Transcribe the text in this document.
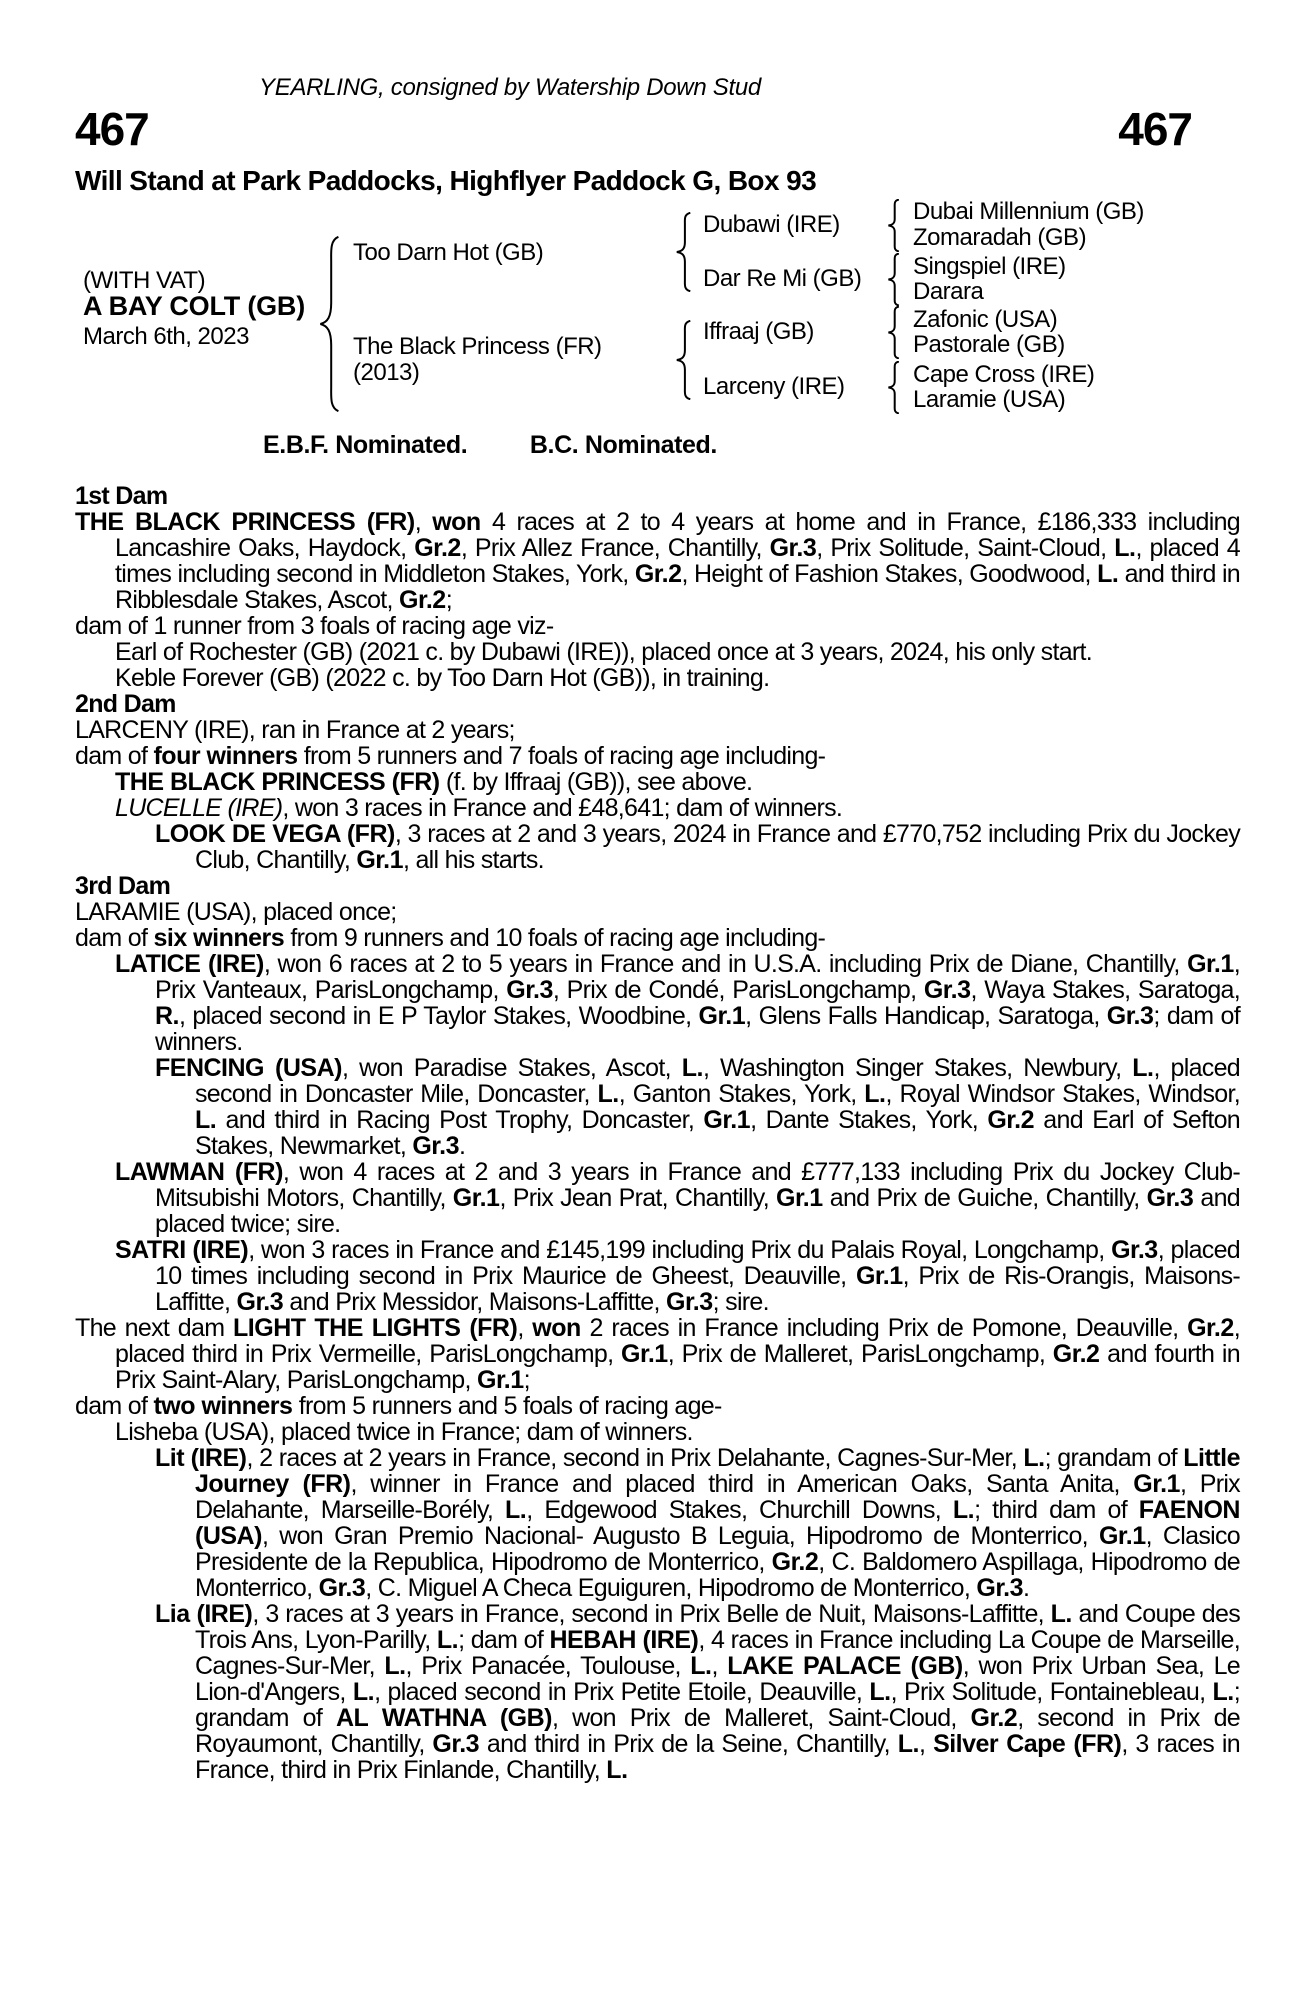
YEARLING, consigned by Watership Down Stud
467	467
Will Stand at Park Paddocks, Highflyer Paddock G, Box 93
(WITH VAT)
A BAY COLT (GB)
March 6th, 2023
Too Darn Hot (GB)
The Black Princess (FR)
(2013)
Dubawi (IRE)
Dar Re Mi (GB)
Iffraaj (GB)
Larceny (IRE)
Dubai Millennium (GB)
Zomaradah (GB)
Singspiel (IRE)
Darara
Zafonic (USA)
Pastorale (GB)
Cape Cross (IRE)
Laramie (USA)
E.B.F. Nominated.	B.C. Nominated.

1st Dam

THE BLACK PRINCESS (FR), won 4 races at 2 to 4 years at home and in France, £186,333 including Lancashire Oaks, Haydock, Gr.2, Prix Allez France, Chantilly, Gr.3, Prix Solitude, Saint-Cloud, L., placed 4 times including second in Middleton Stakes, York, Gr.2, Height of Fashion Stakes, Goodwood, L. and third in Ribblesdale Stakes, Ascot, Gr.2;

dam of 1 runner from 3 foals of racing age viz-

Earl of Rochester (GB) (2021 c. by Dubawi (IRE)), placed once at 3 years, 2024, his only start.

Keble Forever (GB) (2022 c. by Too Darn Hot (GB)), in training.

2nd Dam

LARCENY (IRE), ran in France at 2 years;

dam of four winners from 5 runners and 7 foals of racing age including-

THE BLACK PRINCESS (FR) (f. by Iffraaj (GB)), see above.

LUCELLE (IRE), won 3 races in France and £48,641; dam of winners.

LOOK DE VEGA (FR), 3 races at 2 and 3 years, 2024 in France and £770,752 including Prix du Jockey Club, Chantilly, Gr.1, all his starts.

3rd Dam

LARAMIE (USA), placed once;

dam of six winners from 9 runners and 10 foals of racing age including-

LATICE (IRE), won 6 races at 2 to 5 years in France and in U.S.A. including Prix de Diane, Chantilly, Gr.1, Prix Vanteaux, ParisLongchamp, Gr.3, Prix de Condé, ParisLongchamp, Gr.3, Waya Stakes, Saratoga, R., placed second in E P Taylor Stakes, Woodbine, Gr.1, Glens Falls Handicap, Saratoga, Gr.3; dam of winners.

FENCING (USA), won Paradise Stakes, Ascot, L., Washington Singer Stakes, Newbury, L., placed second in Doncaster Mile, Doncaster, L., Ganton Stakes, York, L., Royal Windsor Stakes, Windsor, L. and third in Racing Post Trophy, Doncaster, Gr.1, Dante Stakes, York, Gr.2 and Earl of Sefton Stakes, Newmarket, Gr.3.

LAWMAN (FR), won 4 races at 2 and 3 years in France and £777,133 including Prix du Jockey Club- Mitsubishi Motors, Chantilly, Gr.1, Prix Jean Prat, Chantilly, Gr.1 and Prix de Guiche, Chantilly, Gr.3 and placed twice; sire.

SATRI (IRE), won 3 races in France and £145,199 including Prix du Palais Royal, Longchamp, Gr.3, placed 10 times including second in Prix Maurice de Gheest, Deauville, Gr.1, Prix de Ris-Orangis, Maisons-Laffitte, Gr.3 and Prix Messidor, Maisons-Laffitte, Gr.3; sire.

The next dam LIGHT THE LIGHTS (FR), won 2 races in France including Prix de Pomone, Deauville, Gr.2, placed third in Prix Vermeille, ParisLongchamp, Gr.1, Prix de Malleret, ParisLongchamp, Gr.2 and fourth in Prix Saint-Alary, ParisLongchamp, Gr.1;

dam of two winners from 5 runners and 5 foals of racing age-

Lisheba (USA), placed twice in France; dam of winners.

Lit (IRE), 2 races at 2 years in France, second in Prix Delahante, Cagnes-Sur-Mer, L.; grandam of Little Journey (FR), winner in France and placed third in American Oaks, Santa Anita, Gr.1, Prix Delahante, Marseille-Borély, L., Edgewood Stakes, Churchill Downs, L.; third dam of FAENON (USA), won Gran Premio Nacional- Augusto B Leguia, Hipodromo de Monterrico, Gr.1, Clasico Presidente de la Republica, Hipodromo de Monterrico, Gr.2, C. Baldomero Aspillaga, Hipodromo de Monterrico, Gr.3, C. Miguel A Checa Eguiguren, Hipodromo de Monterrico, Gr.3.

Lia (IRE), 3 races at 3 years in France, second in Prix Belle de Nuit, Maisons-Laffitte, L. and Coupe des Trois Ans, Lyon-Parilly, L.; dam of HEBAH (IRE), 4 races in France including La Coupe de Marseille, Cagnes-Sur-Mer, L., Prix Panacée, Toulouse, L., LAKE PALACE (GB), won Prix Urban Sea, Le Lion-d'Angers, L., placed second in Prix Petite Etoile, Deauville, L., Prix Solitude, Fontainebleau, L.; grandam of AL WATHNA (GB), won Prix de Malleret, Saint-Cloud, Gr.2, second in Prix de Royaumont, Chantilly, Gr.3 and third in Prix de la Seine, Chantilly, L., Silver Cape (FR), 3 races in France, third in Prix Finlande, Chantilly, L.
